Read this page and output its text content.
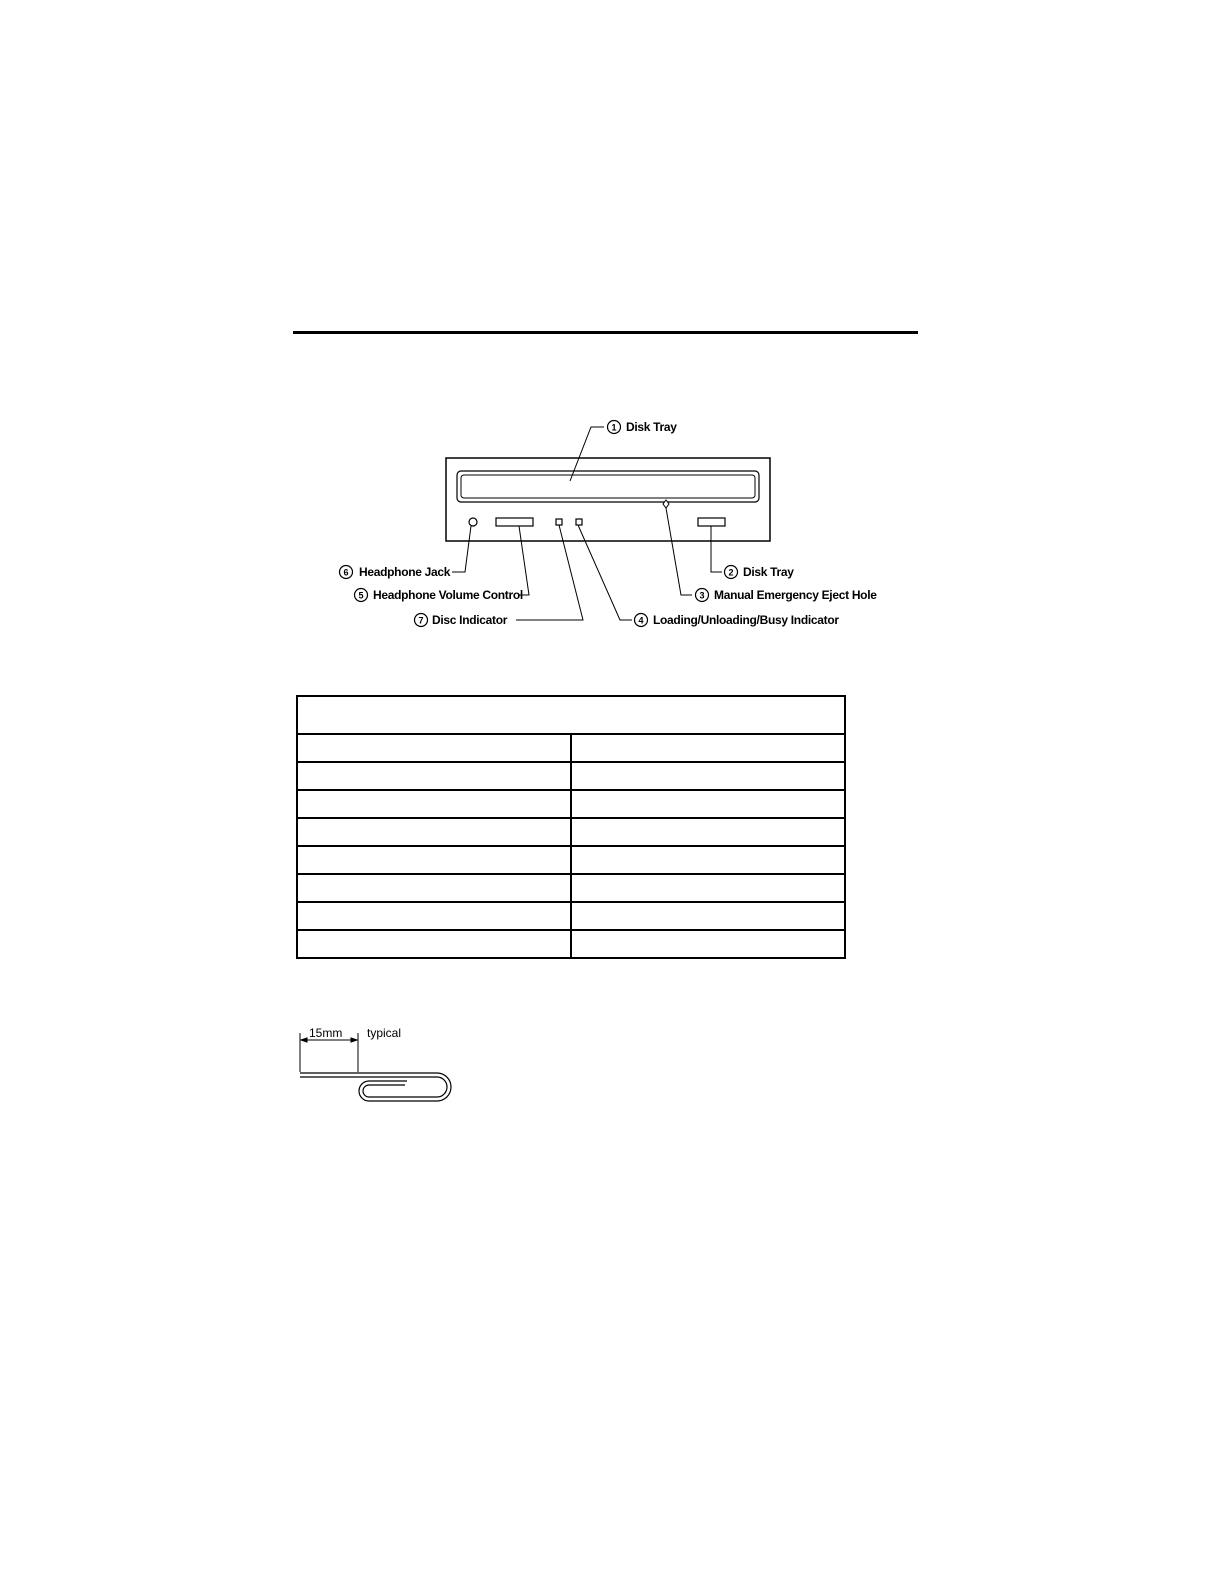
1 Disk Tray
2 Disk Tray
3 Manual Emergency Eject Hole
4 Loading/Unloading/Busy Indicator
5 Headphone Volume Control
6 Headphone Jack
7 Disc Indicator
15mm typical
